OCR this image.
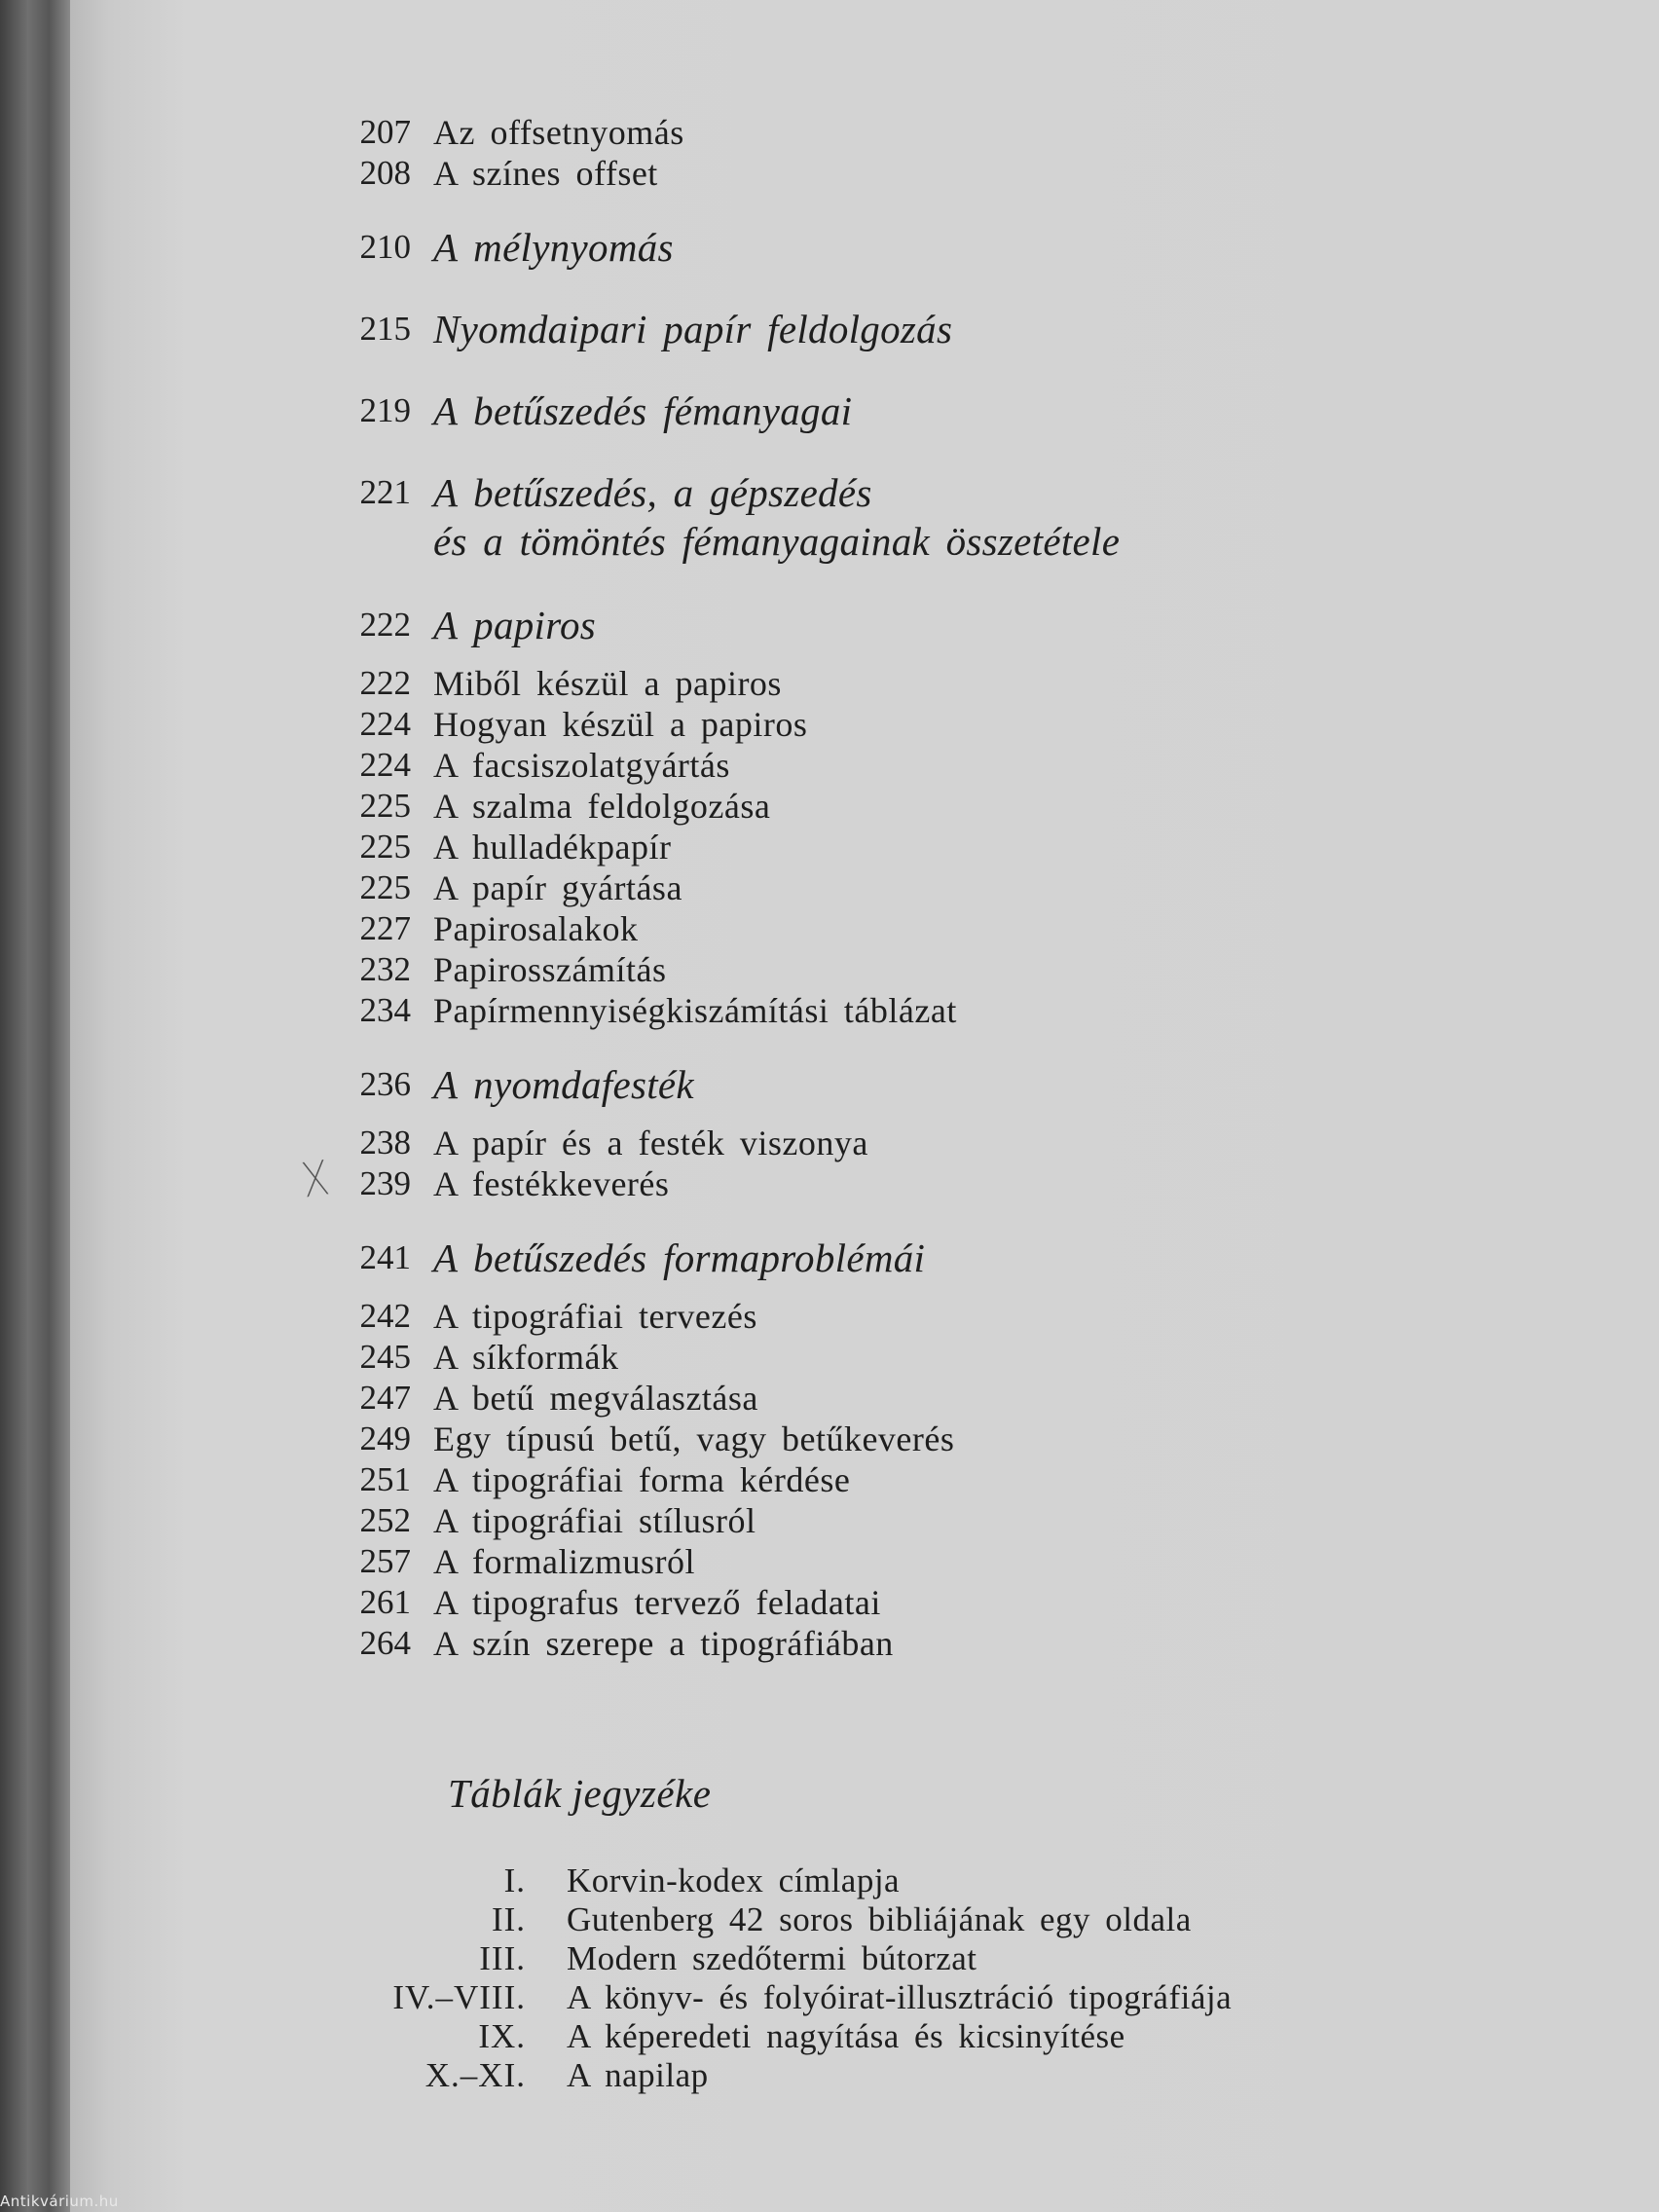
207 Az offsetnyomás
208 A színes offset
210 A mélynyomás
215 Nyomdaipari papír feldolgozás
219 A betűszedés fémanyagai
221 A betűszedés, a gépszedés
és a tömöntés fémanyagainak összetétele
222 A papiros
222 Miből készül a papiros
224 Hogyan készül a papiros
224 A facsiszolatgyártás
225 A szalma feldolgozása
225 A hulladékpapír
225 A papír gyártása
227 Papirosalakok
232 Papirosszámítás
234 Papírmennyiségkiszámítási táblázat
236 A nyomdafesték
238 A papír és a festék viszonya
239 A festékkeverés
241 A betűszedés formaproblémái
242 A tipográfiai tervezés
245 A síkformák
247 A betű megválasztása
249 Egy típusú betű, vagy betűkeverés
251 A tipográfiai forma kérdése
252 A tipográfiai stílusról
257 A formalizmusról
261 A tipografus tervező feladatai
264 A szín szerepe a tipográfiában
ᚷ
Táblák jegyzéke
I. Korvin-kodex címlapja
II. Gutenberg 42 soros bibliájának egy oldala
III. Modern szedőtermi bútorzat
IV.–VIII. A könyv- és folyóirat-illusztráció tipográfiája
IX. A képeredeti nagyítása és kicsinyítése
X.–XI. A napilap
Antikvárium.hu
